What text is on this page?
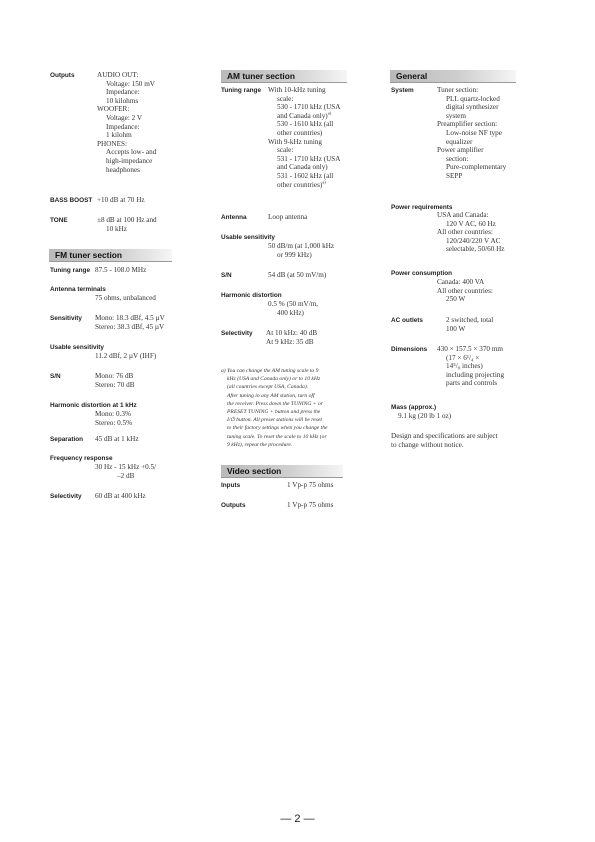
Outputs	AUDIO OUT:
Voltage: 150 mV
Impedance:
10 kilohms
WOOFER:
Voltage: 2 V
Impedance:
1 kilohm
PHONES:
Accepts low- and
high-impedance
headphones
BASS BOOST +10 dB at 70 Hz
TONE	±8 dB at 100 Hz and
10 kHz
FM tuner section
Tuning range 87.5 - 108.0 MHz
Antenna terminals
75 ohms, unbalanced
Sensitivity Mono: 18.3 dBf, 4.5 µV
Stereo: 38.3 dBf, 45 µV
Usable sensitivity
11.2 dBf, 2 µV (IHF)
S/N	Mono: 76 dB
Stereo: 70 dB
Harmonic distortion at 1 kHz
Mono: 0.3%
Stereo: 0.5%
Separation 45 dB at 1 kHz
Frequency response
30 Hz - 15 kHz +0.5/
–2 dB
Selectivity 60 dB at 400 kHz
AM tuner section
Tuning range With 10-kHz tuning
scale:
530 - 1710 kHz (USA
and Canada only)$^{a)}$
530 - 1610 kHz (all
other countries)
With 9-kHz tuning
scale:
531 - 1710 kHz (USA
and Canada only)
531 - 1602 kHz (all
other countries)$^{a)}$
Antenna	Loop antenna
Usable sensitivity
50 dB/m (at 1,000 kHz
or 999 kHz)
S/N	54 dB (at 50 mV/m)
Harmonic distortion
0.5 % (50 mV/m,
400 kHz)
Selectivity At 10 kHz: 40 dB
At 9 kHz: 35 dB
a) You can change the AM tuning scale to 9
kHz (USA and Canada only) or to 10 kHz
(all countries except USA, Canada).
After tuning in any AM station, turn off
the receiver. Press down the TUNING + or
PRESET TUNING + button and press the
I/⏻ button. All preset stations will be reset
to their factory settings when you change the
tuning scale. To reset the scale to 10 kHz (or
9 kHz), repeat the procedure.
Video section
Inputs	1 Vp-p 75 ohms
Outputs	1 Vp-p 75 ohms
General
System	Tuner section:
PLL quartz-locked
digital synthesizer
system
Preamplifier section:
Low-noise NF type
equalizer
Power amplifier
section:
Pure-complementary
SEPP
Power requirements
USA and Canada:
120 V AC, 60 Hz
All other countries:
120/240/220 V AC
selectable, 50/60 Hz
Power consumption
Canada: 400 VA
All other countries:
250 W
AC outlets	2 switched, total
100 W
Dimensions 430 × 157.5 × 370 mm
(17 × 6¹/₄ ×
14⁵/₈ inches)
including projecting
parts and controls
Mass (approx.)
9.1 kg (20 lb 1 oz)
Design and specifications are subject
to change without notice.
— 2 —
